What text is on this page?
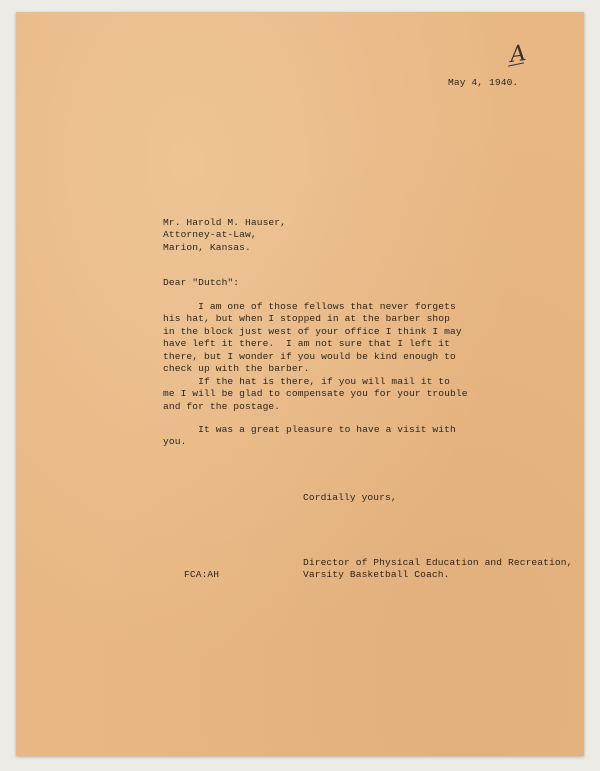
A

May 4, 1940.

Mr. Harold M. Hauser,
Attorney-at-Law,
Marion, Kansas.

Dear "Dutch":

I am one of those fellows that never forgets
his hat, but when I stopped in at the barber shop
in the block just west of your office I think I may
have left it there.  I am not sure that I left it
there, but I wonder if you would be kind enough to
check up with the barber.
If the hat is there, if you will mail it to
me I will be glad to compensate you for your trouble
and for the postage.
It was a great pleasure to have a visit with
you.

Cordially yours,

FCA:AH

Director of Physical Education and Recreation,
Varsity Basketball Coach.
